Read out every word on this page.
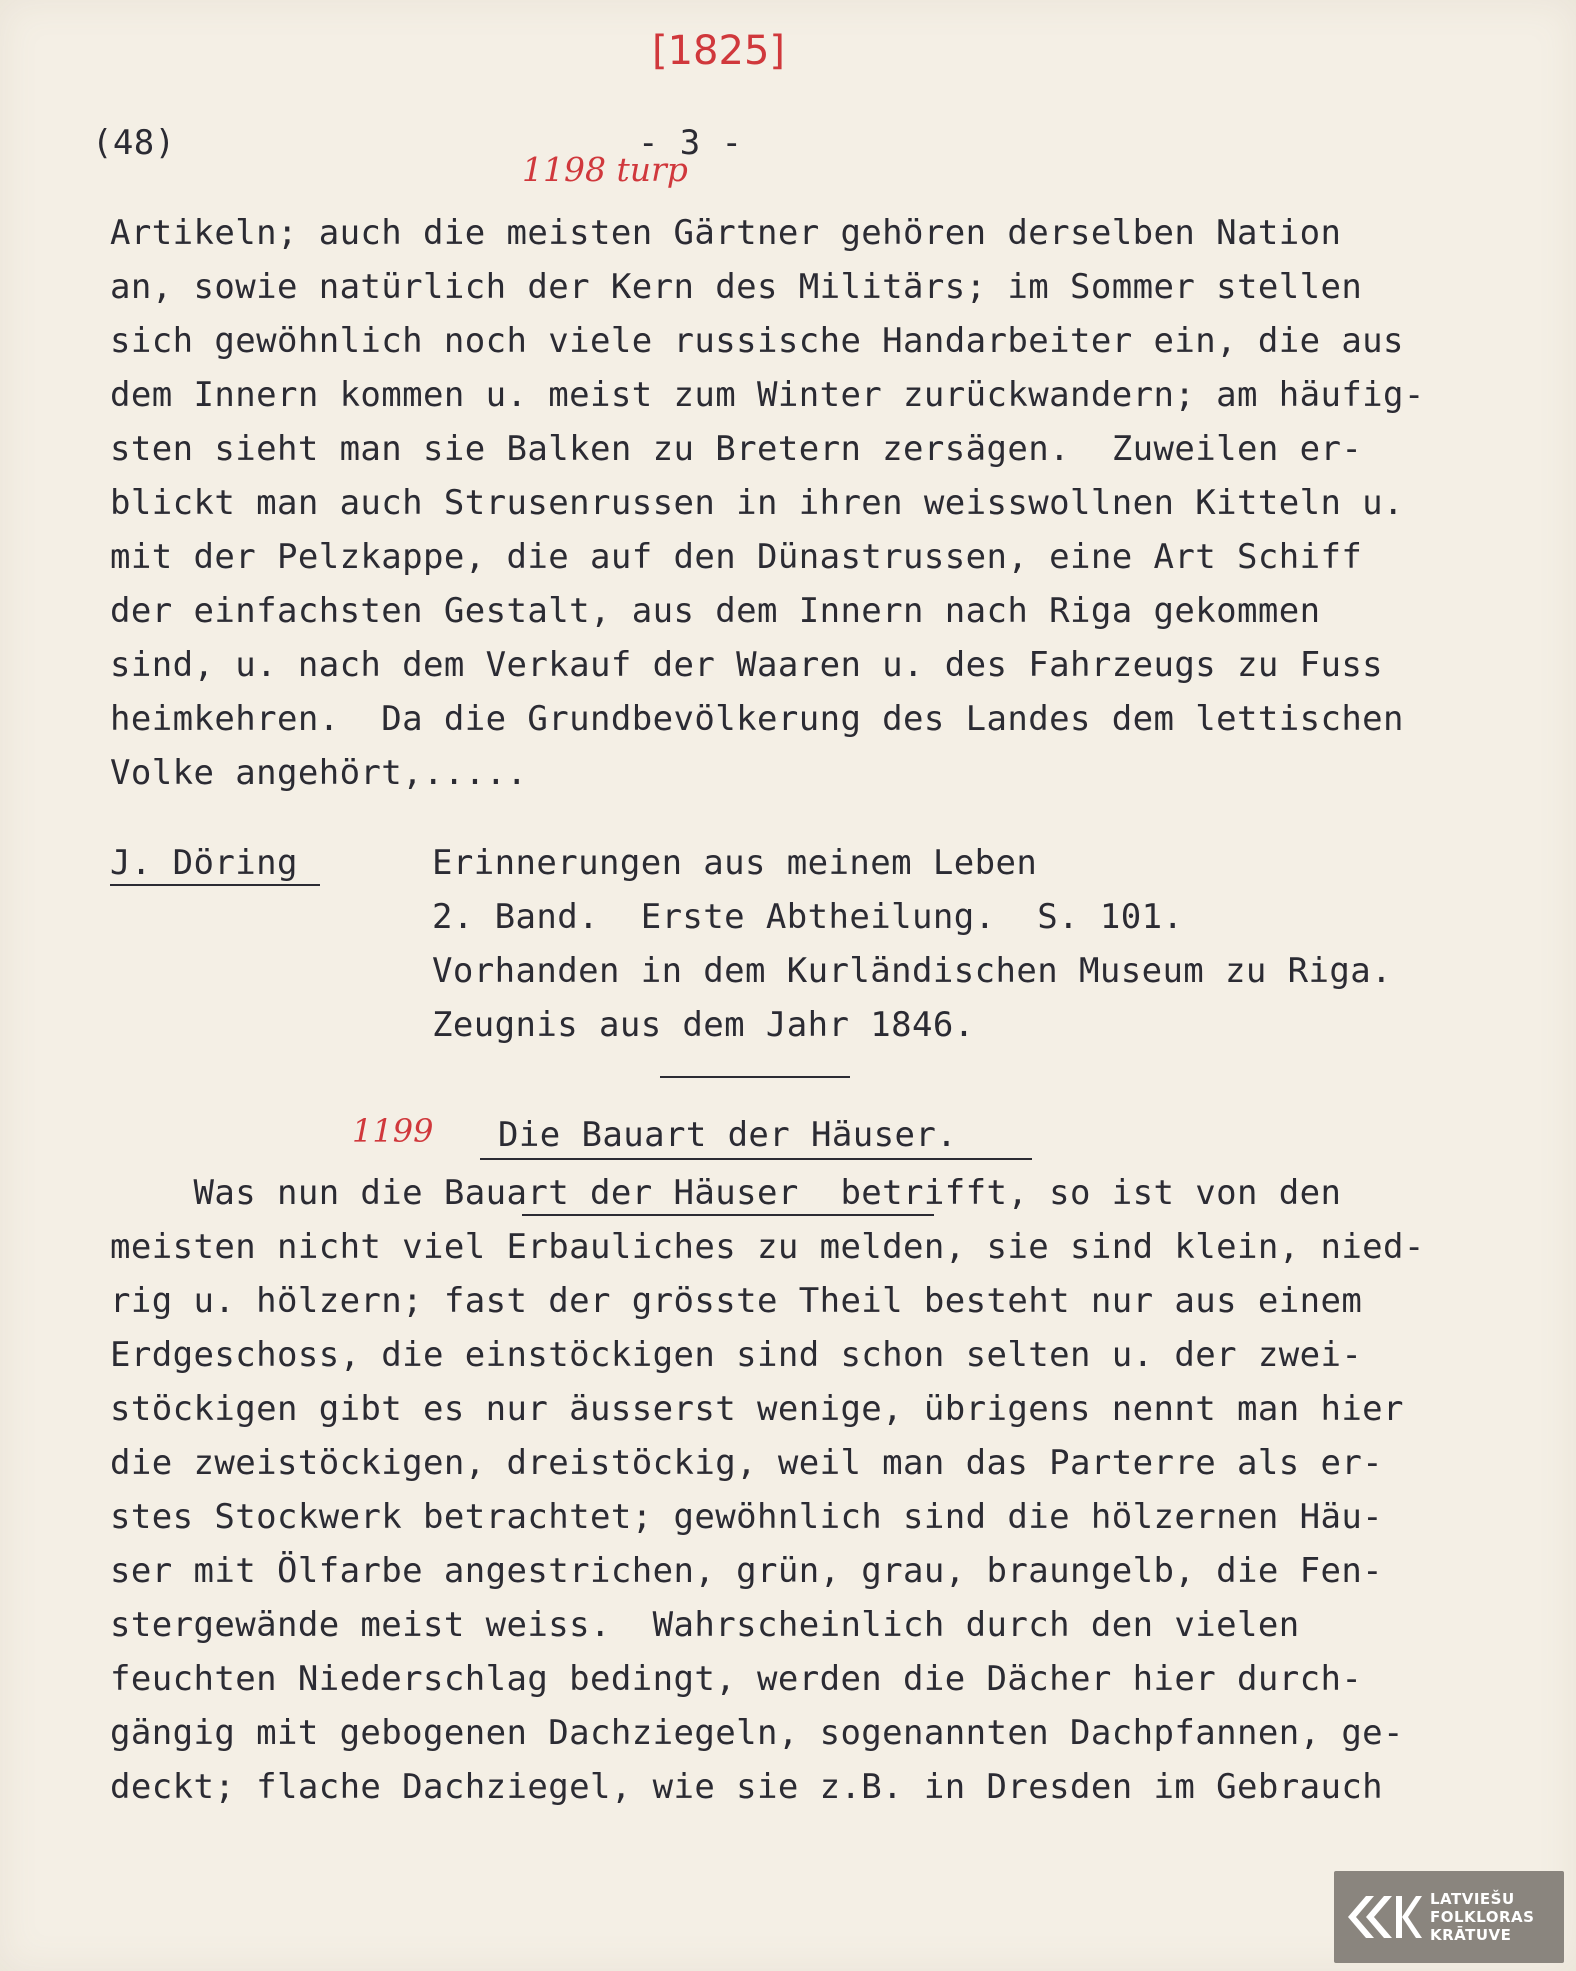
[1825]
(48)	- 3 -
1198 turp
Artikeln; auch die meisten Gärtner gehören derselben Nation
an, sowie natürlich der Kern des Militärs; im Sommer stellen
sich gewöhnlich noch viele russische Handarbeiter ein, die aus
dem Innern kommen u. meist zum Winter zurückwandern; am häufig-
sten sieht man sie Balken zu Bretern zersägen.  Zuweilen er-
blickt man auch Strusenrussen in ihren weisswollnen Kitteln u.
mit der Pelzkappe, die auf den Dünastrussen, eine Art Schiff
der einfachsten Gestalt, aus dem Innern nach Riga gekommen
sind, u. nach dem Verkauf der Waaren u. des Fahrzeugs zu Fuss
heimkehren.  Da die Grundbevölkerung des Landes dem lettischen
Volke angehört,.....
J. Döring	Erinnerungen aus meinem Leben
2. Band.  Erste Abtheilung.  S. 101.
Vorhanden in dem Kurländischen Museum zu Riga.
Zeugnis aus dem Jahr 1846.
1199 Die Bauart der Häuser.
Was nun die Bauart der Häuser  betrifft, so ist von den
meisten nicht viel Erbauliches zu melden, sie sind klein, nied-
rig u. hölzern; fast der grösste Theil besteht nur aus einem
Erdgeschoss, die einstöckigen sind schon selten u. der zwei-
stöckigen gibt es nur äusserst wenige, übrigens nennt man hier
die zweistöckigen, dreistöckig, weil man das Parterre als er-
stes Stockwerk betrachtet; gewöhnlich sind die hölzernen Häu-
ser mit Ölfarbe angestrichen, grün, grau, braungelb, die Fen-
stergewände meist weiss.  Wahrscheinlich durch den vielen
feuchten Niederschlag bedingt, werden die Dächer hier durch-
gängig mit gebogenen Dachziegeln, sogenannten Dachpfannen, ge-
deckt; flache Dachziegel, wie sie z.B. in Dresden im Gebrauch
LATVIEŠU
FOLKLORAS
KRĀTUVE
